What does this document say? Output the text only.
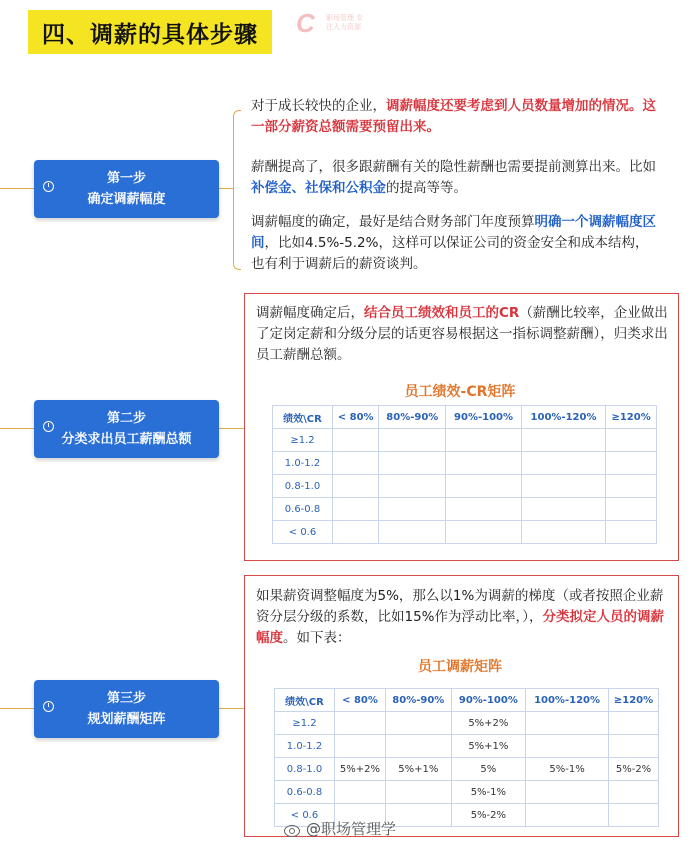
四、调薪的具体步骤 C	职场管理 专注人力资源
第一步
确定调薪幅度
第二步
分类求出员工薪酬总额
第三步
规划薪酬矩阵
对于成长较快的企业，调薪幅度还要考虑到人员数量增加的情况。这一部分薪资总额需要预留出来。
薪酬提高了，很多跟薪酬有关的隐性薪酬也需要提前测算出来。比如补偿金、社保和公积金的提高等等。
调薪幅度的确定，最好是结合财务部门年度预算明确一个调薪幅度区间，比如4.5%-5.2%，这样可以保证公司的资金安全和成本结构，也有利于调薪后的薪资谈判。
调薪幅度确定后，结合员工绩效和员工的CR（薪酬比较率，企业做出了定岗定薪和分级分层的话更容易根据这一指标调整薪酬），归类求出员工薪酬总额。
员工绩效-CR矩阵
绩效\CR	< 80%	80%-90%	90%-100%	100%-120%	≥120%
≥1.2					
1.0-1.2					
0.8-1.0					
0.6-0.8					
< 0.6					
如果薪资调整幅度为5%，那么以1%为调薪的梯度（或者按照企业薪资分层分级的系数，比如15%作为浮动比率，），分类拟定人员的调薪幅度。如下表：
员工调薪矩阵
绩效\CR	< 80%	80%-90%	90%-100%	100%-120%	≥120%
≥1.2			5%+2%		
1.0-1.2			5%+1%		
0.8-1.0	5%+2%	5%+1%	5%	5%-1%	5%-2%
0.6-0.8			5%-1%		
< 0.6			5%-2%		
@职场管理学
